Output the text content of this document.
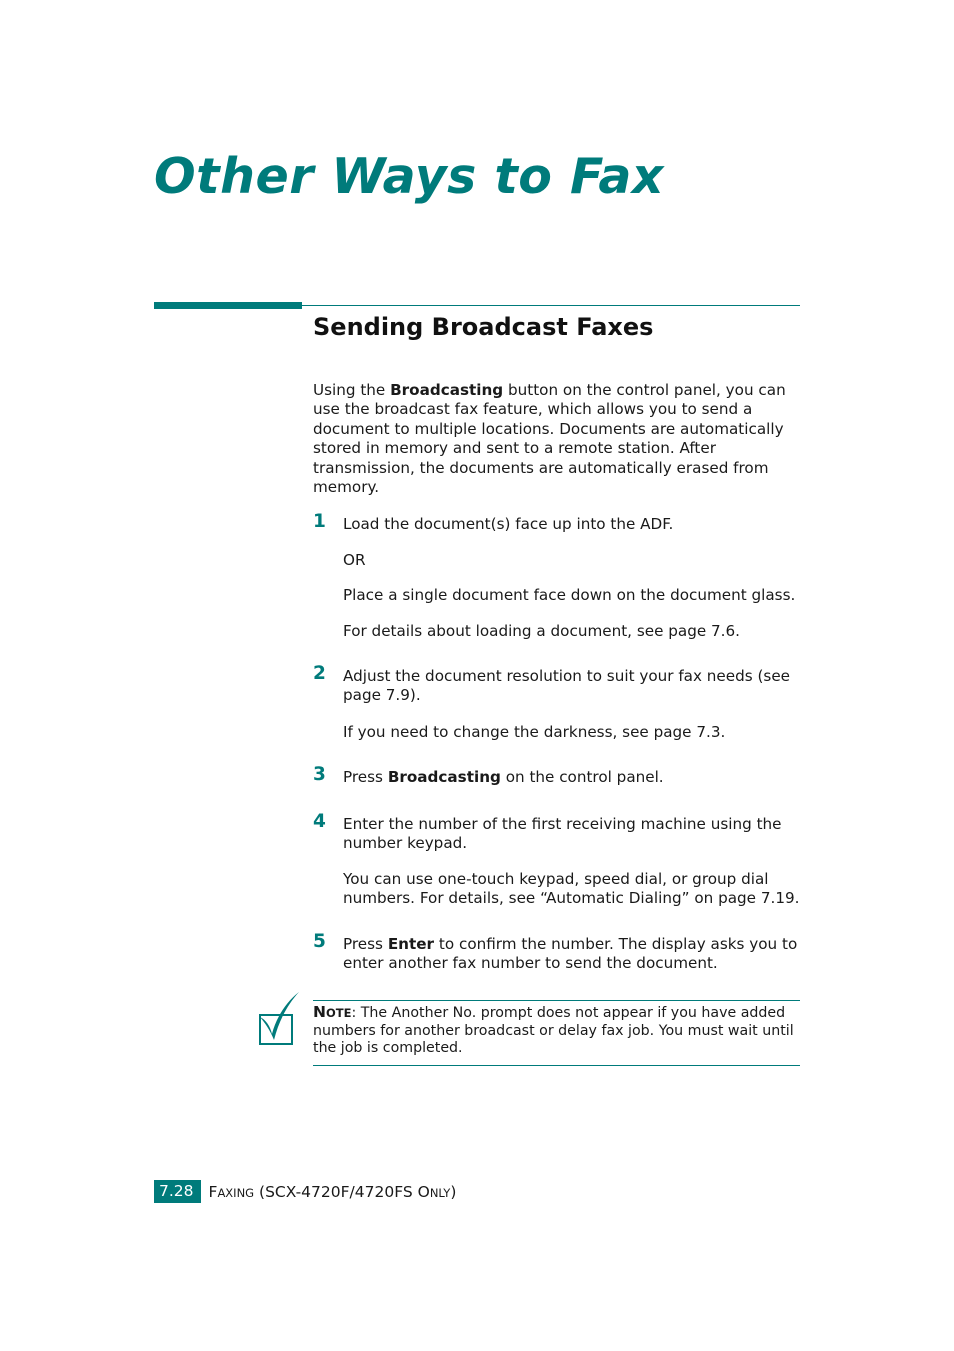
Other Ways to Fax
Sending Broadcast Faxes

Using the Broadcasting button on the control panel, you can use the broadcast fax feature, which allows you to send a document to multiple locations. Documents are automatically stored in memory and sent to a remote station. After transmission, the documents are automatically erased from memory.

1 Load the document(s) face up into the ADF.

OR

Place a single document face down on the document glass.

For details about loading a document, see page 7.6.

2 Adjust the document resolution to suit your fax needs (see page 7.9).

If you need to change the darkness, see page 7.3.

3 Press Broadcasting on the control panel.

4 Enter the number of the first receiving machine using the number keypad.

You can use one-touch keypad, speed dial, or group dial numbers. For details, see “Automatic Dialing” on page 7.19.

5 Press Enter to confirm the number. The display asks you to enter another fax number to send the document.

NOTE: The Another No. prompt does not appear if you have added numbers for another broadcast or delay fax job. You must wait until the job is completed.

7.28 FAXING (SCX-4720F/4720FS ONLY)
